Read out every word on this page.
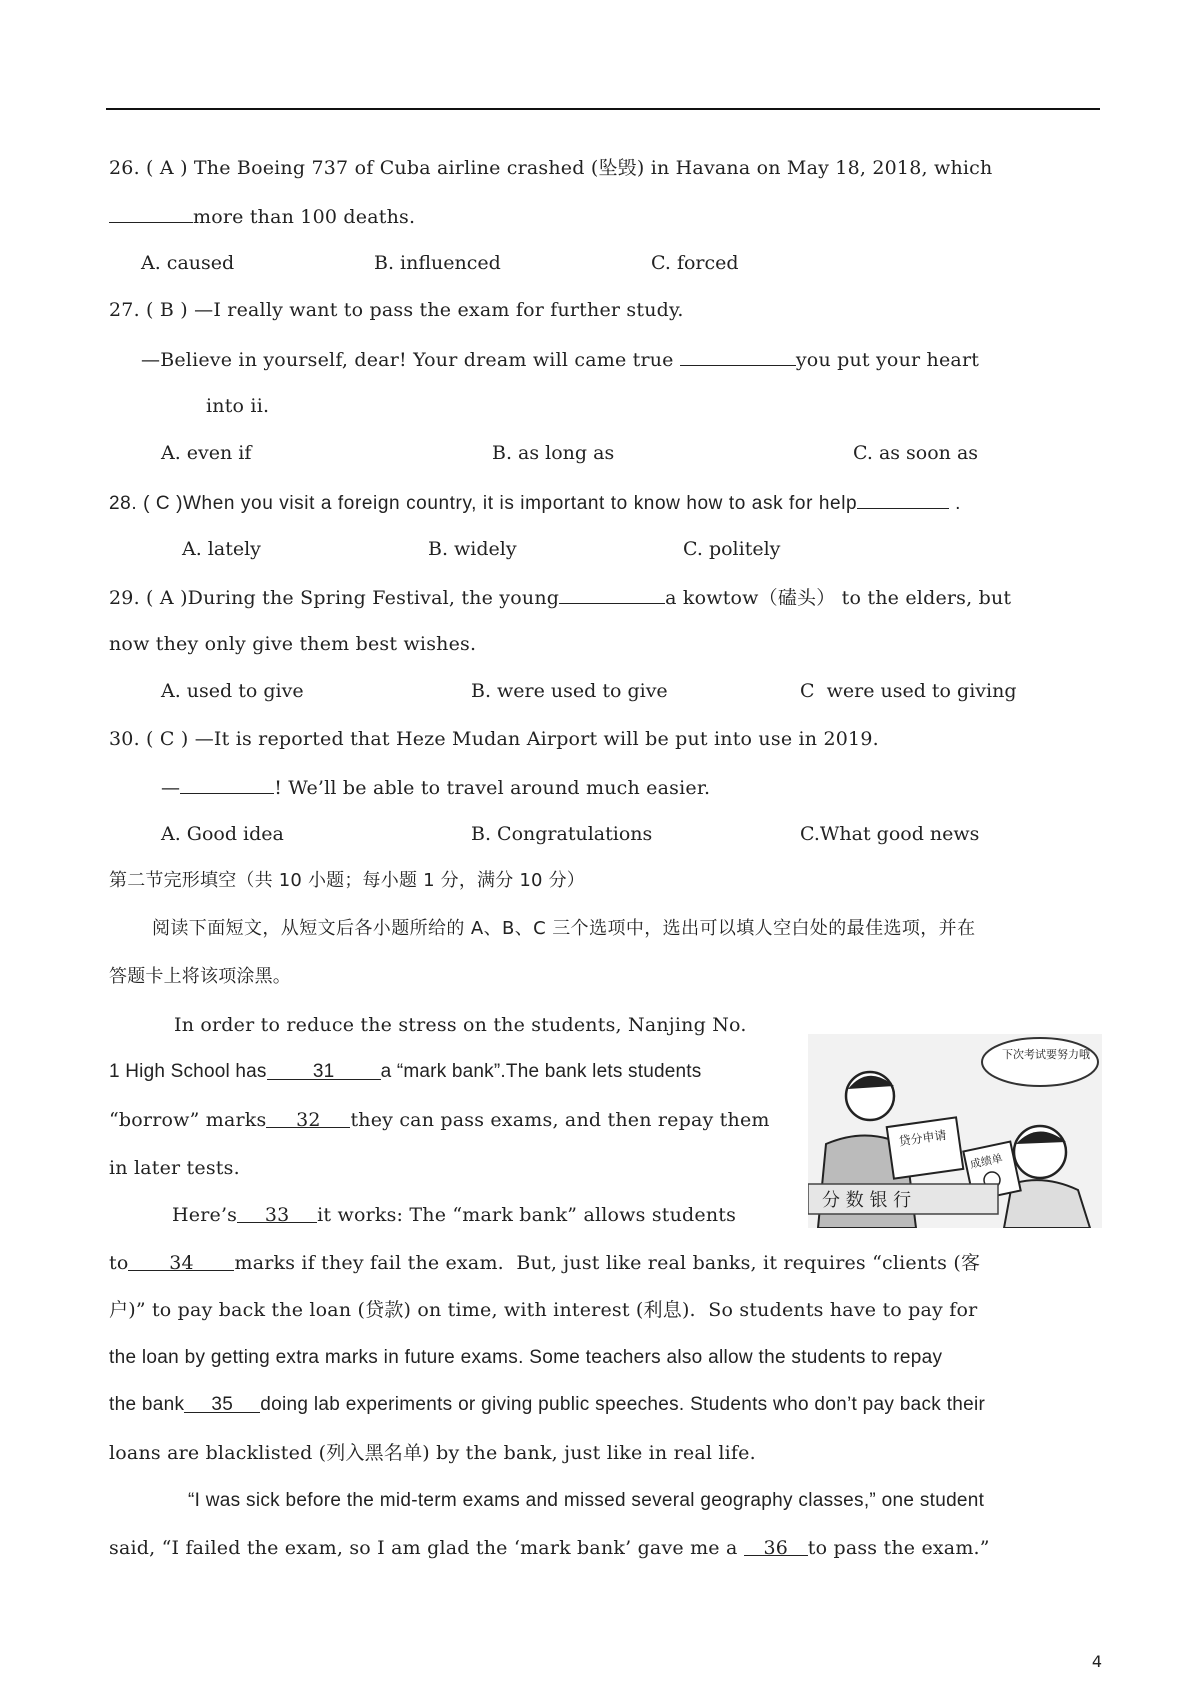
26. ( A ) The Boeing 737 of Cuba airline crashed (坠毁) in Havana on May 18, 2018, which
more than 100 deaths.
A. caused	B. influenced	C. forced
27. ( B ) —I really want to pass the exam for further study.
—Believe in yourself, dear! Your dream will came true	you put your heart
into ii.
A. even if	B. as long as	C. as soon as
28. ( C )When you visit a foreign country, it is important to know how to ask for help	.
A. lately	B. widely	C. politely
29. ( A )During the Spring Festival, the young	a kowtow（磕头） to the elders, but
now they only give them best wishes.
A. used to give	B. were used to give	C  were used to giving
30. ( C ) —It is reported that Heze Mudan Airport will be put into use in 2019.
—	! We’ll be able to travel around much easier.
A. Good idea	B. Congratulations	C.What good news
第二节完形填空（共 10 小题；每小题 1 分，满分 10 分）
阅读下面短文，从短文后各小题所给的 A、B、C 三个选项中，选出可以填人空白处的最佳选项，并在
答题卡上将该项涂黑。
In order to reduce the stress on the students, Nanjing No.
1 High School has 31 a “mark bank”.The bank lets students
“borrow” marks 32 they can pass exams, and then repay them
in later tests.
Here’s 33 it works: The “mark bank” allows students
to 34 marks if they fail the exam.  But, just like real banks, it requires “clients (客
户)” to pay back the loan (贷款) on time, with interest (利息).  So students have to pay for
the loan by getting extra marks in future exams. Some teachers also allow the students to repay
the bank 35 doing lab experiments or giving public speeches. Students who don’t pay back their
loans are blacklisted (列入黑名单) by the bank, just like in real life.
“I was sick before the mid-term exams and missed several geography classes,” one student
said, “I failed the exam, so I am glad the ‘mark bank’ gave me a 36 to pass the exam.”
下次考试要努力哦
贷分申请
成绩单
分 数 银 行
4
